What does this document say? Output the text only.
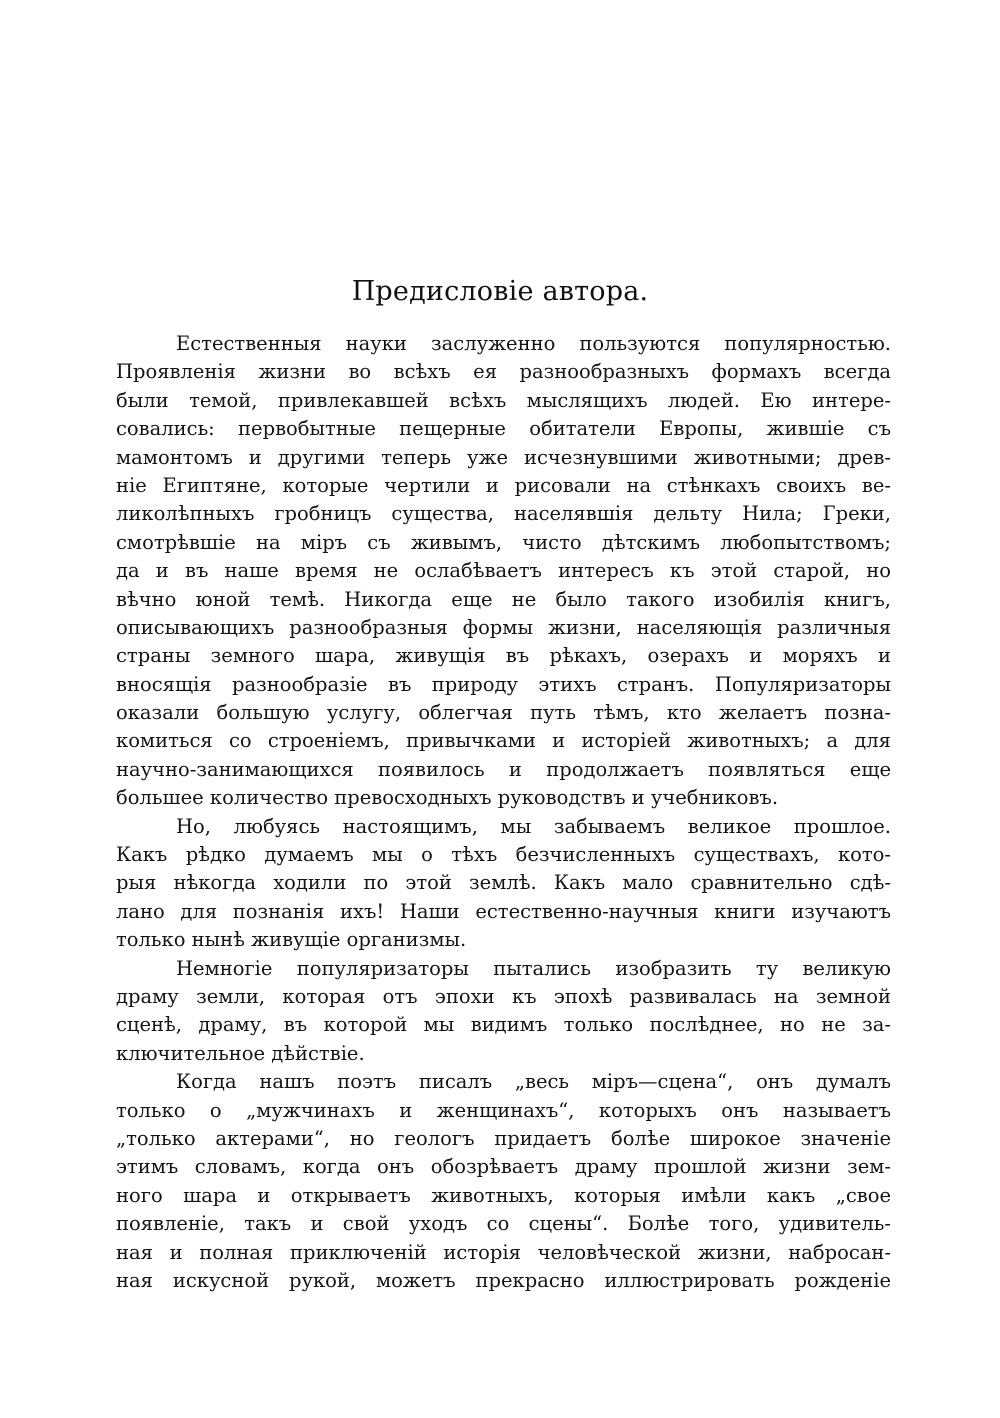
Предисловіе автора.
Естественныя науки заслуженно пользуются популярностью.
Проявленія жизни во всѣхъ ея разнообразныхъ формахъ всегда
были темой, привлекавшей всѣхъ мыслящихъ людей. Ею интере-
совались: первобытные пещерные обитатели Европы, жившіе съ
мамонтомъ и другими теперь уже исчезнувшими животными; древ-
ніе Египтяне, которые чертили и рисовали на стѣнкахъ своихъ ве-
ликолѣпныхъ гробницъ существа, населявшія дельту Нила; Греки,
смотрѣвшіе на міръ съ живымъ, чисто дѣтскимъ любопытствомъ;
да и въ наше время не ослабѣваетъ интересъ къ этой старой, но
вѣчно юной темѣ. Никогда еще не было такого изобилія книгъ,
описывающихъ разнообразныя формы жизни, населяющія различныя
страны земного шара, живущія въ рѣкахъ, озерахъ и моряхъ и
вносящія разнообразіе въ природу этихъ странъ. Популяризаторы
оказали большую услугу, облегчая путь тѣмъ, кто желаетъ позна-
комиться со строеніемъ, привычками и исторіей животныхъ; а для
научно-занимающихся появилось и продолжаетъ появляться еще
большее количество превосходныхъ руководствъ и учебниковъ.
Но, любуясь настоящимъ, мы забываемъ великое прошлое.
Какъ рѣдко думаемъ мы о тѣхъ безчисленныхъ существахъ, кото-
рыя нѣкогда ходили по этой землѣ. Какъ мало сравнительно сдѣ-
лано для познанія ихъ! Наши естественно-научныя книги изучаютъ
только нынѣ живущіе организмы.
Немногіе популяризаторы пытались изобразить ту великую
драму земли, которая отъ эпохи къ эпохѣ развивалась на земной
сценѣ, драму, въ которой мы видимъ только послѣднее, но не за-
ключительное дѣйствіе.
Когда нашъ поэтъ писалъ „весь міръ—сцена“, онъ думалъ
только о „мужчинахъ и женщинахъ“, которыхъ онъ называетъ
„только актерами“, но геологъ придаетъ болѣе широкое значеніе
этимъ словамъ, когда онъ обозрѣваетъ драму прошлой жизни зем-
ного шара и открываетъ животныхъ, которыя имѣли какъ „свое
появленіе, такъ и свой уходъ со сцены“. Болѣе того, удивитель-
ная и полная приключеній исторія человѣческой жизни, набросан-
ная искусной рукой, можетъ прекрасно иллюстрировать рожденіе
